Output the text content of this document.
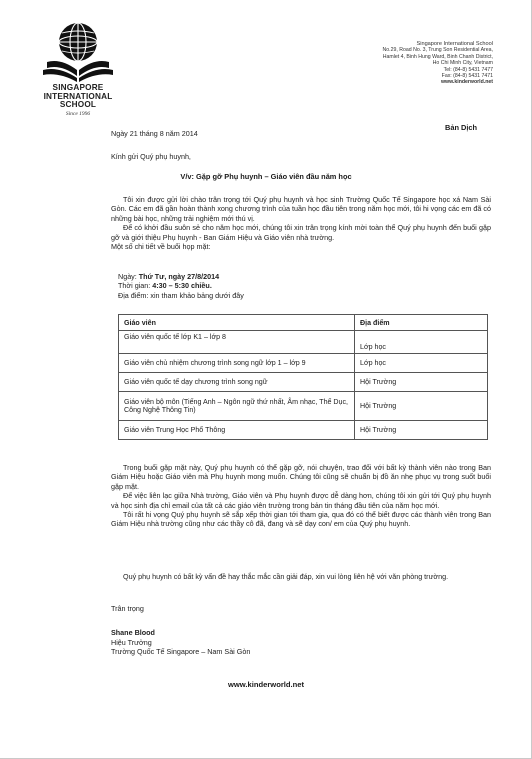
SINGAPORE
INTERNATIONAL
SCHOOL
Since 1996
Singapore International School
No.29, Road No. 3, Trung Son Residential Area,
Hamlet 4, Binh Hung Ward, Binh Chanh District,
Ho Chi Minh City, Vietnam
Tel: (84-8) 5431 7477
Fax: (84-8) 5431 7471
www.kinderworld.net
Bản Dịch
Ngày 21 tháng 8 năm 2014
Kính gửi Quý phụ huynh,
V/v: Gặp gỡ Phụ huynh – Giáo viên đầu năm học

Tôi xin được gửi lời chào trân trọng tới Quý phụ huynh và học sinh Trường Quốc Tế Singapore học xá Nam Sài Gòn. Các em đã gần hoàn thành xong chương trình của tuần học đầu tiên trong năm học mới, tôi hi vọng các em đã có những bài học, những trải nghiệm mới thú vị.

Để có khởi đầu suôn sẻ cho năm học mới, chúng tôi xin trân trọng kính mời toàn thể Quý phụ huynh đến buổi gặp gỡ và giới thiệu Phụ huynh - Ban Giám Hiệu và Giáo viên nhà trường.

Một số chi tiết về buổi họp mặt:

Ngày: Thứ Tư, ngày 27/8/2014
Thời gian: 4:30 – 5:30 chiều.
Địa điểm: xin tham khảo bảng dưới đây
Giáo viên	Địa điểm
Giáo viên quốc tế lớp K1 – lớp 8	Lớp học
Giáo viên chủ nhiệm chương trình song ngữ lớp 1 – lớp 9	Lớp học
Giáo viên quốc tế dạy chương trình song ngữ	Hội Trường
Giáo viên bộ môn (Tiếng Anh – Ngôn ngữ thứ nhất, Âm nhạc, Thể Dục, Công Nghệ Thông Tin)	Hội Trường
Giáo viên Trung Học Phổ Thông	Hội Trường

Trong buổi gặp mặt này, Quý phụ huynh có thể gặp gỡ, nói chuyện, trao đổi với bất kỳ thành viên nào trong Ban Giám Hiệu hoặc Giáo viên mà Phụ huynh mong muốn. Chúng tôi cũng sẽ chuẩn bị đồ ăn nhẹ phục vụ trong suốt buổi gặp mặt.

Để việc liên lạc giữa Nhà trường, Giáo viên và Phụ huynh được dễ dàng hơn, chúng tôi xin gửi tới Quý phụ huynh và học sinh địa chỉ email của tất cả các giáo viên trường trong bản tin tháng đầu tiên của năm học mới.

Tôi rất hi vọng Quý phụ huynh sẽ sắp xếp thời gian tới tham gia, qua đó có thể biết được các thành viên trong Ban Giám Hiệu nhà trường cũng như các thầy cô đã, đang và sẽ dạy con/ em của Quý phụ huynh.

Quý phụ huynh có bất kỳ vấn đề hay thắc mắc cần giải đáp, xin vui lòng liên hệ với văn phòng trường.

Trân trọng
Shane Blood
Hiệu Trưởng
Trường Quốc Tế Singapore – Nam Sài Gòn
www.kinderworld.net
